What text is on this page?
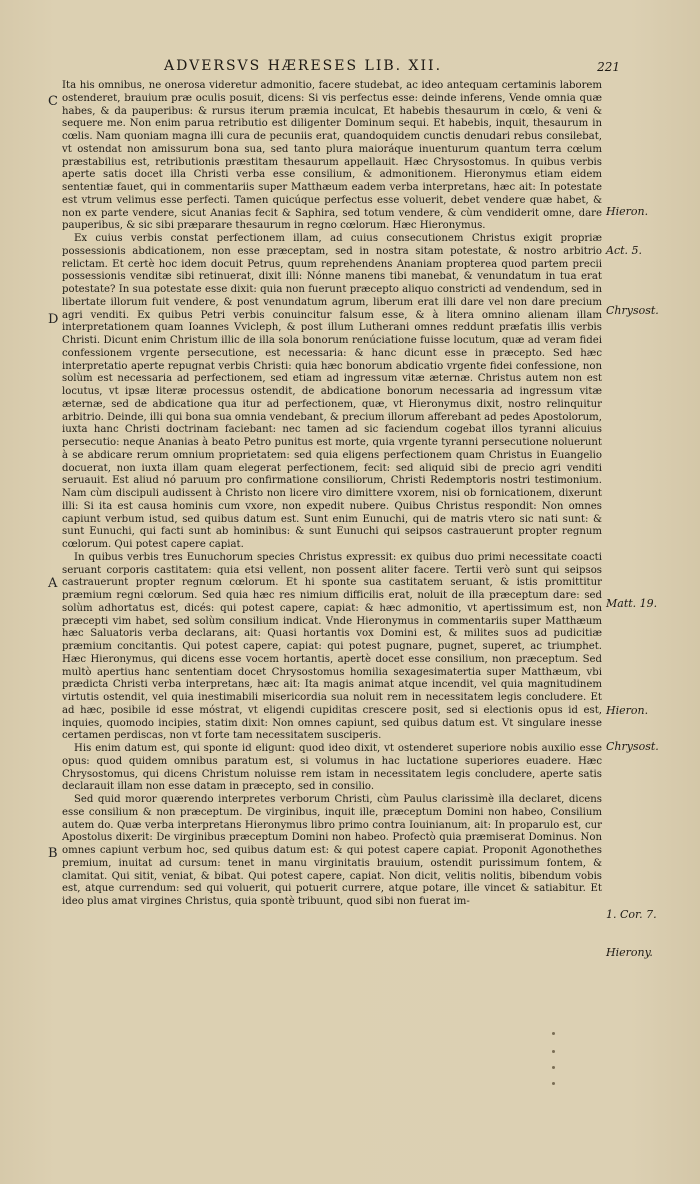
ADVERSVS HÆRESES LIB. XII.	221
C
D
A
B
Hieron.
Act. 5.
Chrysost.
Matt. 19.
Hieron.
Chrysost.
1. Cor. 7.
Hierony.

Ita his omnibus, ne onerosa videretur admonitio, facere studebat, ac ideo antequam certaminis laborem ostenderet, brauium præ oculis posuit, dicens: Si vis perfectus esse: deinde inferens, Vende omnia quæ habes, & da pauperibus: & rursus iterum præmia inculcat, Et habebis thesaurum in cœlo, & veni & sequere me. Non enim parua retributio est diligenter Dominum sequi. Et habebis, inquit, thesaurum in cœlis. Nam quoniam magna illi cura de pecuniis erat, quandoquidem cunctis denudari rebus consilebat, vt ostendat non amissurum bona sua, sed tanto plura maioráque inuenturum quantum terra cœlum præstabilius est, retributionis præstitam thesaurum appellauit. Hæc Chrysostomus. In quibus verbis aperte satis docet illa Christi verba esse consilium, & admonitionem. Hieronymus etiam eidem sententiæ fauet, qui in commentariis super Matthæum eadem verba interpretans, hæc ait: In potestate est vtrum velimus esse perfecti. Tamen quicúque perfectus esse voluerit, debet vendere quæ habet, & non ex parte vendere, sicut Ananias fecit & Saphira, sed totum vendere, & cùm vendiderit omne, dare pauperibus, & sic sibi præparare thesaurum in regno cœlorum. Hæc Hieronymus.

Ex cuius verbis constat perfectionem illam, ad cuius consecutionem Christus exigit propriæ possessionis abdicationem, non esse præceptam, sed in nostra sitam potestate, & nostro arbitrio relictam. Et certè hoc idem docuit Petrus, quum reprehendens Ananiam propterea quod partem precii possessionis venditæ sibi retinuerat, dixit illi: Nónne manens tibi manebat, & venundatum in tua erat potestate? In sua potestate esse dixit: quia non fuerunt præcepto aliquo constricti ad vendendum, sed in libertate illorum fuit vendere, & post venundatum agrum, liberum erat illi dare vel non dare precium agri venditi. Ex quibus Petri verbis conuincitur falsum esse, & à litera omnino alienam illam interpretationem quam Ioannes Vvicleph, & post illum Lutherani omnes reddunt præfatis illis verbis Christi. Dicunt enim Christum illic de illa sola bonorum renúciatione fuisse locutum, quæ ad veram fidei confessionem vrgente persecutione, est necessaria: & hanc dicunt esse in præcepto. Sed hæc interpretatio aperte repugnat verbis Christi: quia hæc bonorum abdicatio vrgente fidei confessione, non solùm est necessaria ad perfectionem, sed etiam ad ingressum vitæ æternæ. Christus autem non est locutus, vt ipsæ literæ processus ostendit, de abdicatione bonorum necessaria ad ingressum vitæ æternæ, sed de abdicatione qua itur ad perfectionem, quæ, vt Hieronymus dixit, nostro relinquitur arbitrio. Deinde, illi qui bona sua omnia vendebant, & precium illorum afferebant ad pedes Apostolorum, iuxta hanc Christi doctrinam faciebant: nec tamen ad sic faciendum cogebat illos tyranni alicuius persecutio: neque Ananias à beato Petro punitus est morte, quia vrgente tyranni persecutione noluerunt à se abdicare rerum omnium proprietatem: sed quia eligens perfectionem quam Christus in Euangelio docuerat, non iuxta illam quam elegerat perfectionem, fecit: sed aliquid sibi de precio agri venditi seruauit. Est aliud nó paruum pro confirmatione consiliorum, Christi Redemptoris nostri testimonium. Nam cùm discipuli audissent à Christo non licere viro dimittere vxorem, nisi ob fornicationem, dixerunt illi: Si ita est causa hominis cum vxore, non expedit nubere. Quibus Christus respondit: Non omnes capiunt verbum istud, sed quibus datum est. Sunt enim Eunuchi, qui de matris vtero sic nati sunt: & sunt Eunuchi, qui facti sunt ab hominibus: & sunt Eunuchi qui seipsos castrauerunt propter regnum cœlorum. Qui potest capere capiat.

In quibus verbis tres Eunuchorum species Christus expressit: ex quibus duo primi necessitate coacti seruant corporis castitatem: quia etsi vellent, non possent aliter facere. Tertii verò sunt qui seipsos castrauerunt propter regnum cœlorum. Et hi sponte sua castitatem seruant, & istis promittitur præmium regni cœlorum. Sed quia hæc res nimium difficilis erat, noluit de illa præceptum dare: sed solùm adhortatus est, dicés: qui potest capere, capiat: & hæc admonitio, vt apertissimum est, non præcepti vim habet, sed solùm consilium indicat. Vnde Hieronymus in commentariis super Matthæum hæc Saluatoris verba declarans, ait: Quasi hortantis vox Domini est, & milites suos ad pudicitiæ præmium concitantis. Qui potest capere, capiat: qui potest pugnare, pugnet, superet, ac triumphet. Hæc Hieronymus, qui dicens esse vocem hortantis, apertè docet esse consilium, non præceptum. Sed multò apertius hanc sententiam docet Chrysostomus homilia sexagesimatertia super Matthæum, vbi prædicta Christi verba interpretans, hæc ait: Ita magis animat atque incendit, vel quia magnitudinem virtutis ostendit, vel quia inestimabili misericordia sua noluit rem in necessitatem legis concludere. Et ad hæc, posibile id esse móstrat, vt eligendi cupiditas crescere posit, sed si electionis opus id est, inquies, quomodo incipies, statim dixit: Non omnes capiunt, sed quibus datum est. Vt singulare inesse certamen perdiscas, non vt forte tam necessitatem susciperis.

His enim datum est, qui sponte id eligunt: quod ideo dixit, vt ostenderet superiore nobis auxilio esse opus: quod quidem omnibus paratum est, si volumus in hac luctatione superiores euadere. Hæc Chrysostomus, qui dicens Christum noluisse rem istam in necessitatem legis concludere, aperte satis declarauit illam non esse datam in præcepto, sed in consilio.

Sed quid moror quærendo interpretes verborum Christi, cùm Paulus clarissimè illa declaret, dicens esse consilium & non præceptum. De virginibus, inquit ille, præceptum Domini non habeo, Consilium autem do. Quæ verba interpretans Hieronymus libro primo contra Iouinianum, ait: In proparulo est, cur Apostolus dixerit: De virginibus præceptum Domini non habeo. Profectò quia præmiserat Dominus. Non omnes capiunt verbum hoc, sed quibus datum est: & qui potest capere capiat. Proponit Agonothethes premium, inuitat ad cursum: tenet in manu virginitatis brauium, ostendit purissimum fontem, & clamitat. Qui sitit, veniat, & bibat. Qui potest capere, capiat. Non dicit, velitis nolitis, bibendum vobis est, atque currendum: sed qui voluerit, qui potuerit currere, atque potare, ille vincet & satiabitur. Et ideo plus amat virgines Christus, quia spontè tribuunt, quod sibi non fuerat im-
